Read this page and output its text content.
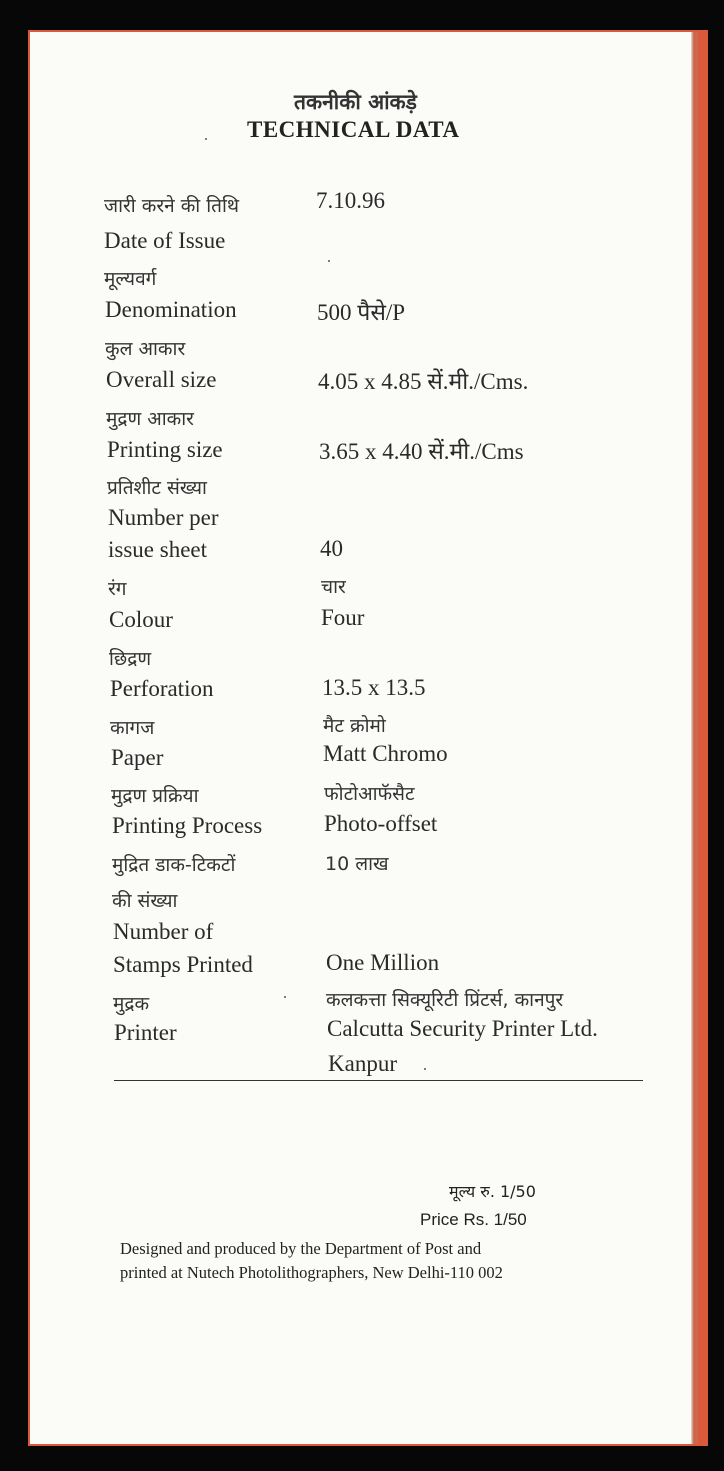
तकनीकी आंकड़े
TECHNICAL DATA
जारी करने की तिथि	7.10.96
Date of Issue
मूल्यवर्ग
Denomination	500 पैसे/P
कुल आकार
Overall size	4.05 x 4.85 सें.मी./Cms.
मुद्रण आकार
Printing size	3.65 x 4.40 सें.मी./Cms
प्रतिशीट संख्या
Number per
issue sheet	40
रंग	चार
Colour	Four
छिद्रण
Perforation	13.5 x 13.5
कागज	मैट क्रोमो
Paper	Matt Chromo
मुद्रण प्रक्रिया	फोटोआफॅसैट
Printing Process	Photo-offset
मुद्रित डाक-टिकटों	10 लाख
की संख्या
Number of
Stamps Printed	One Million
मुद्रक	कलकत्ता सिक्यूरिटी प्रिंटर्स, कानपुर
Printer	Calcutta Security Printer Ltd.
Kanpur
मूल्य रु. 1/50
Price Rs. 1/50
Designed and produced by the Department of Post and
printed at Nutech Photolithographers, New Delhi-110 002
